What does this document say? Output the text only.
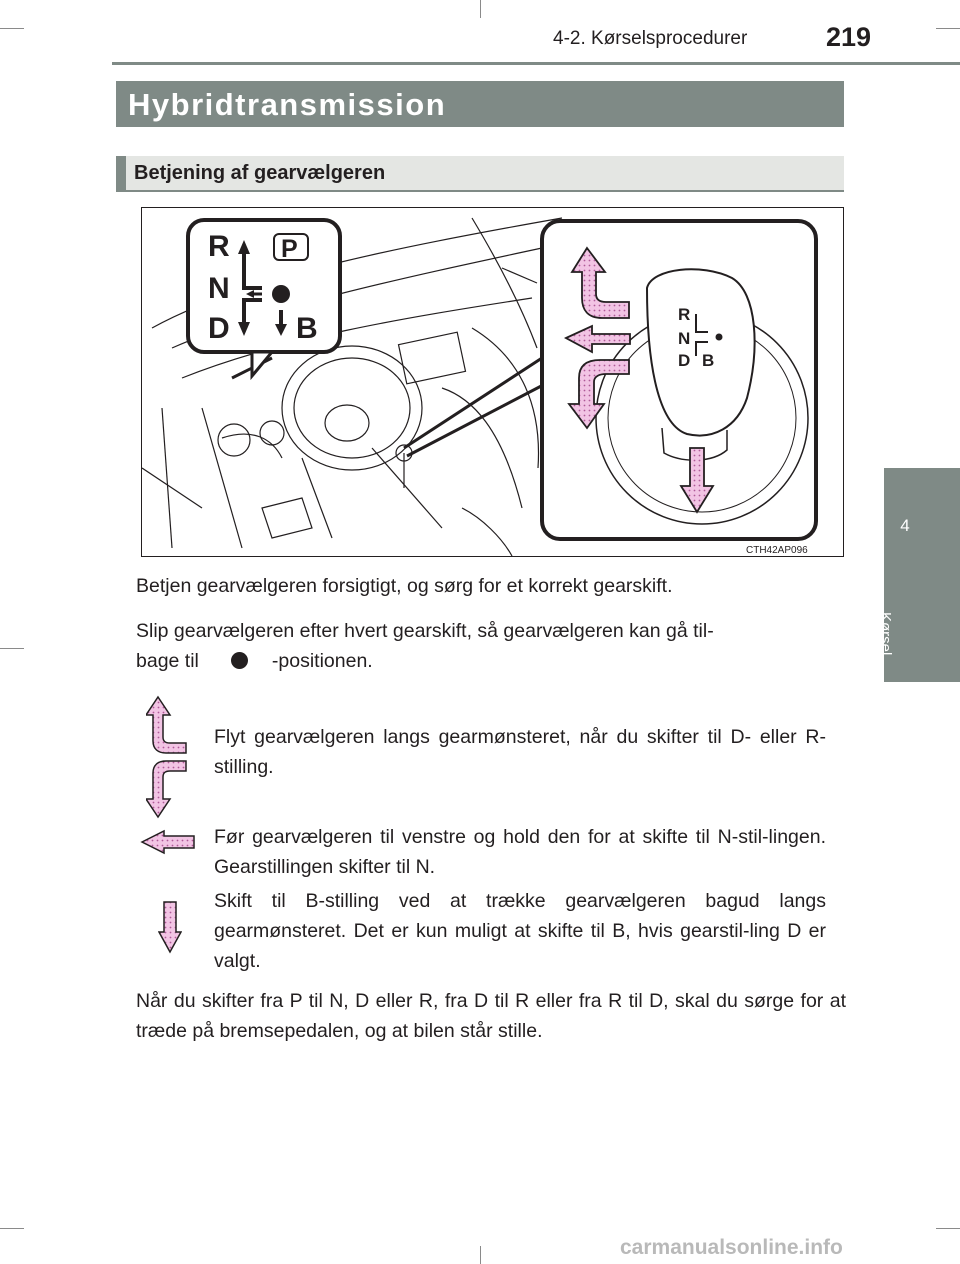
4-2. Kørselsprocedurer	219
4
Kørsel
Hybridtransmission
Betjening af gearvælgeren
R
N
D
P
B	R
N
D B
CTH42AP096
Betjen gearvælgeren forsigtigt, og sørg for et korrekt gearskift.
Slip gearvælgeren efter hvert gearskift, så gearvælgeren kan gå til-
bage til	-positionen.
Flyt gearvælgeren langs gearmønsteret, når du skifter til D- eller R-stilling.
Før gearvælgeren til venstre og hold den for at skifte til N-stil-lingen. Gearstillingen skifter til N.
Skift til B-stilling ved at trække gearvælgeren bagud langs gearmønsteret. Det er kun muligt at skifte til B, hvis gearstil-ling D er valgt.
Når du skifter fra P til N, D eller R, fra D til R eller fra R til D, skal du sørge for at træde på bremsepedalen, og at bilen står stille.
carmanualsonline.info
